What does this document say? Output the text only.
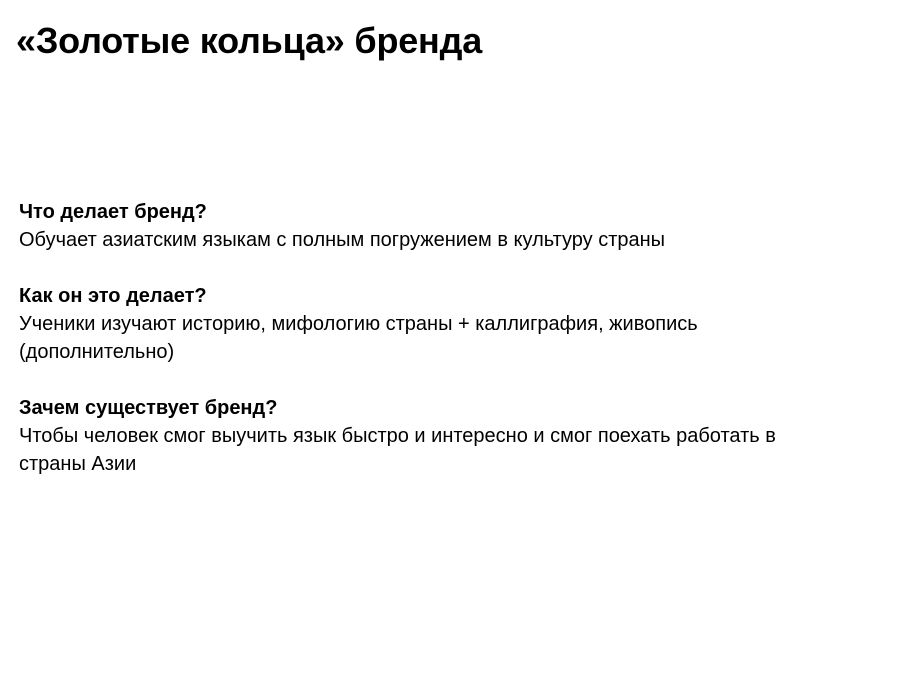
«Золотые кольца» бренда
Что делает бренд?
Обучает азиатским языкам с полным погружением в культуру страны
Как он это делает?
Ученики изучают историю, мифологию страны + каллиграфия, живопись (дополнительно)
Зачем существует бренд?
Чтобы человек смог выучить язык быстро и интересно и смог поехать работать в страны Азии
